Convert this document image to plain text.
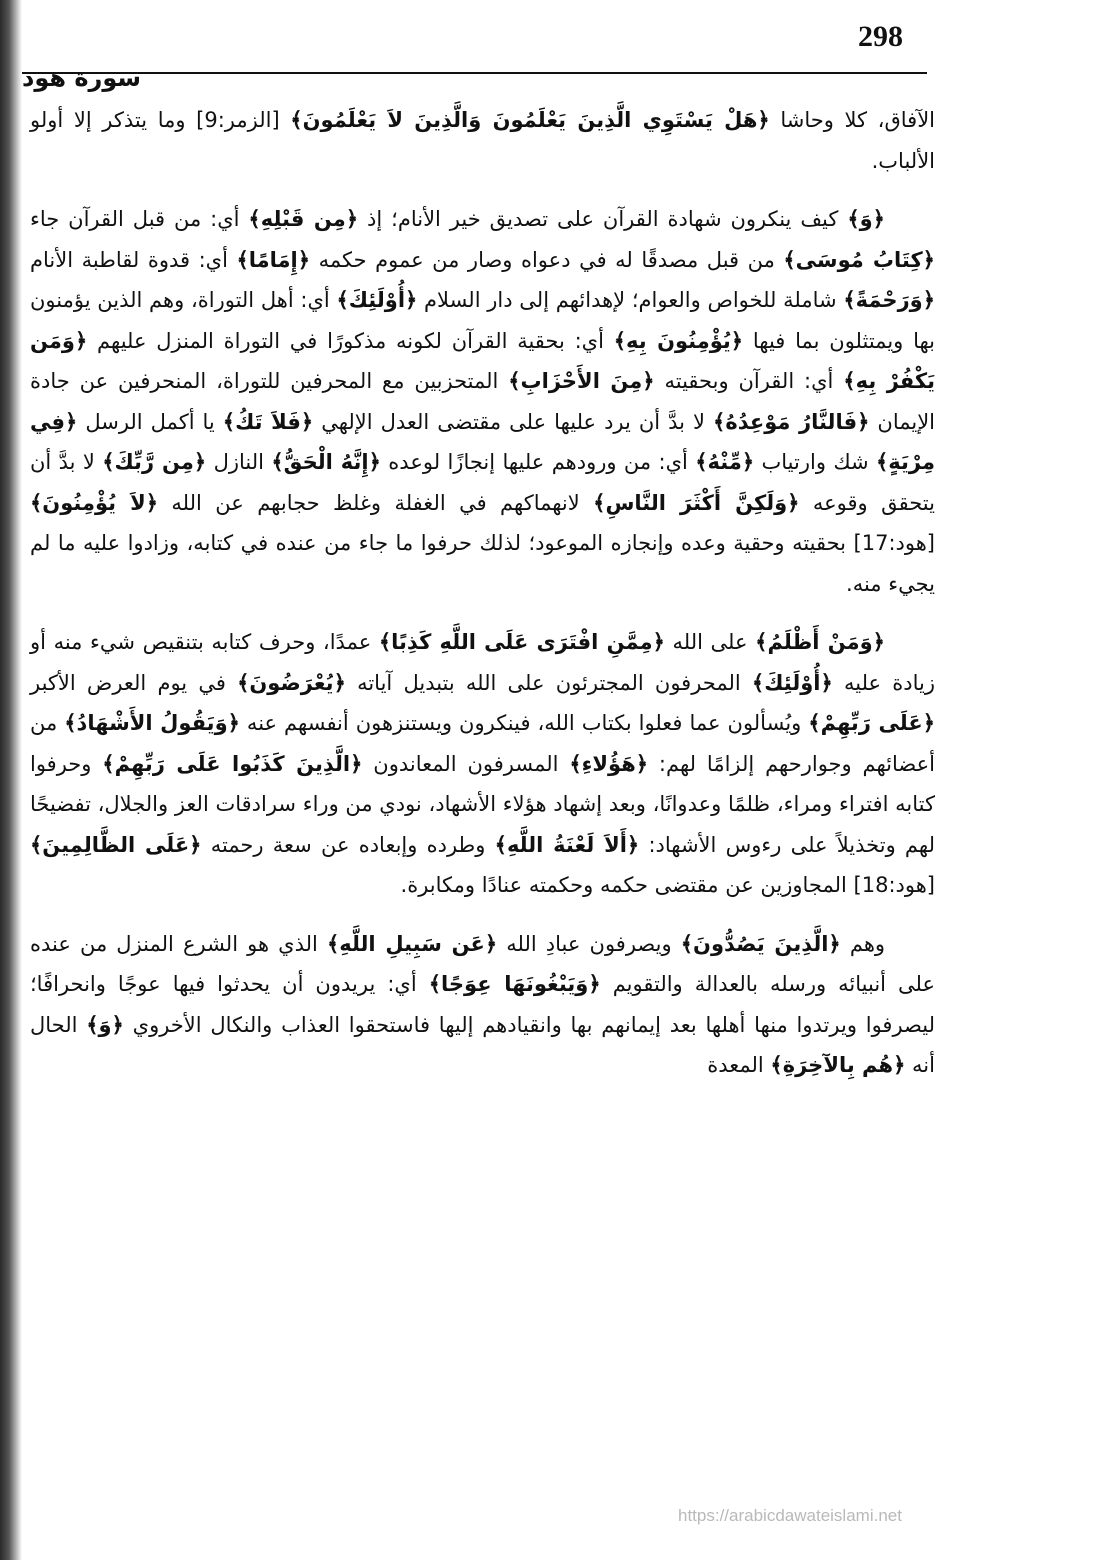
298
سورة هود

الآفاق، كلا وحاشا ﴿هَلْ يَسْتَوِي الَّذِينَ يَعْلَمُونَ وَالَّذِينَ لاَ يَعْلَمُونَ﴾ [الزمر:9] وما يتذكر إلا أولو الألباب.

﴿وَ﴾ كيف ينكرون شهادة القرآن على تصديق خير الأنام؛ إذ ﴿مِن قَبْلِهِ﴾ أي: من قبل القرآن جاء ﴿كِتَابُ مُوسَى﴾ من قبل مصدقًا له في دعواه وصار من عموم حكمه ﴿إِمَامًا﴾ أي: قدوة لقاطبة الأنام ﴿وَرَحْمَةً﴾ شاملة للخواص والعوام؛ لإهدائهم إلى دار السلام ﴿أُوْلَئِكَ﴾ أي: أهل التوراة، وهم الذين يؤمنون بها ويمتثلون بما فيها ﴿يُؤْمِنُونَ بِهِ﴾ أي: بحقية القرآن لكونه مذكورًا في التوراة المنزل عليهم ﴿وَمَن يَكْفُرْ بِهِ﴾ أي: القرآن وبحقيته ﴿مِنَ الأَحْزَابِ﴾ المتحزبين مع المحرفين للتوراة، المنحرفين عن جادة الإيمان ﴿فَالنَّارُ مَوْعِدُهُ﴾ لا بدَّ أن يرد عليها على مقتضى العدل الإلهي ﴿فَلاَ تَكُ﴾ يا أكمل الرسل ﴿فِي مِرْيَةٍ﴾ شك وارتياب ﴿مِّنْهُ﴾ أي: من ورودهم عليها إنجازًا لوعده ﴿إِنَّهُ الْحَقُّ﴾ النازل ﴿مِن رَّبِّكَ﴾ لا بدَّ أن يتحقق وقوعه ﴿وَلَكِنَّ أَكْثَرَ النَّاسِ﴾ لانهماكهم في الغفلة وغلظ حجابهم عن الله ﴿لاَ يُؤْمِنُونَ﴾ [هود:17] بحقيته وحقية وعده وإنجازه الموعود؛ لذلك حرفوا ما جاء من عنده في كتابه، وزادوا عليه ما لم يجيء منه.

﴿وَمَنْ أَظْلَمُ﴾ على الله ﴿مِمَّنِ افْتَرَى عَلَى اللَّهِ كَذِبًا﴾ عمدًا، وحرف كتابه بتنقيص شيء منه أو زيادة عليه ﴿أُوْلَئِكَ﴾ المحرفون المجترئون على الله بتبديل آياته ﴿يُعْرَضُونَ﴾ في يوم العرض الأكبر ﴿عَلَى رَبِّهِمْ﴾ ويُسألون عما فعلوا بكتاب الله، فينكرون ويستنزهون أنفسهم عنه ﴿وَيَقُولُ الأَشْهَادُ﴾ من أعضائهم وجوارحهم إلزامًا لهم: ﴿هَؤُلاءِ﴾ المسرفون المعاندون ﴿الَّذِينَ كَذَبُوا عَلَى رَبِّهِمْ﴾ وحرفوا كتابه افتراء ومراء، ظلمًا وعدوانًا، وبعد إشهاد هؤلاء الأشهاد، نودي من وراء سرادقات العز والجلال، تفضيحًا لهم وتخذيلاً على رءوس الأشهاد: ﴿أَلاَ لَعْنَةُ اللَّهِ﴾ وطرده وإبعاده عن سعة رحمته ﴿عَلَى الظَّالِمِينَ﴾ [هود:18] المجاوزين عن مقتضى حكمه وحكمته عنادًا ومكابرة.

وهم ﴿الَّذِينَ يَصُدُّونَ﴾ ويصرفون عبادِ الله ﴿عَن سَبِيلِ اللَّهِ﴾ الذي هو الشرع المنزل من عنده على أنبيائه ورسله بالعدالة والتقويم ﴿وَيَبْغُونَهَا عِوَجًا﴾ أي: يريدون أن يحدثوا فيها عوجًا وانحرافًا؛ ليصرفوا ويرتدوا منها أهلها بعد إيمانهم بها وانقيادهم إليها فاستحقوا العذاب والنكال الأخروي ﴿وَ﴾ الحال أنه ﴿هُم بِالآخِرَةِ﴾ المعدة

https://arabicdawateislami.net
